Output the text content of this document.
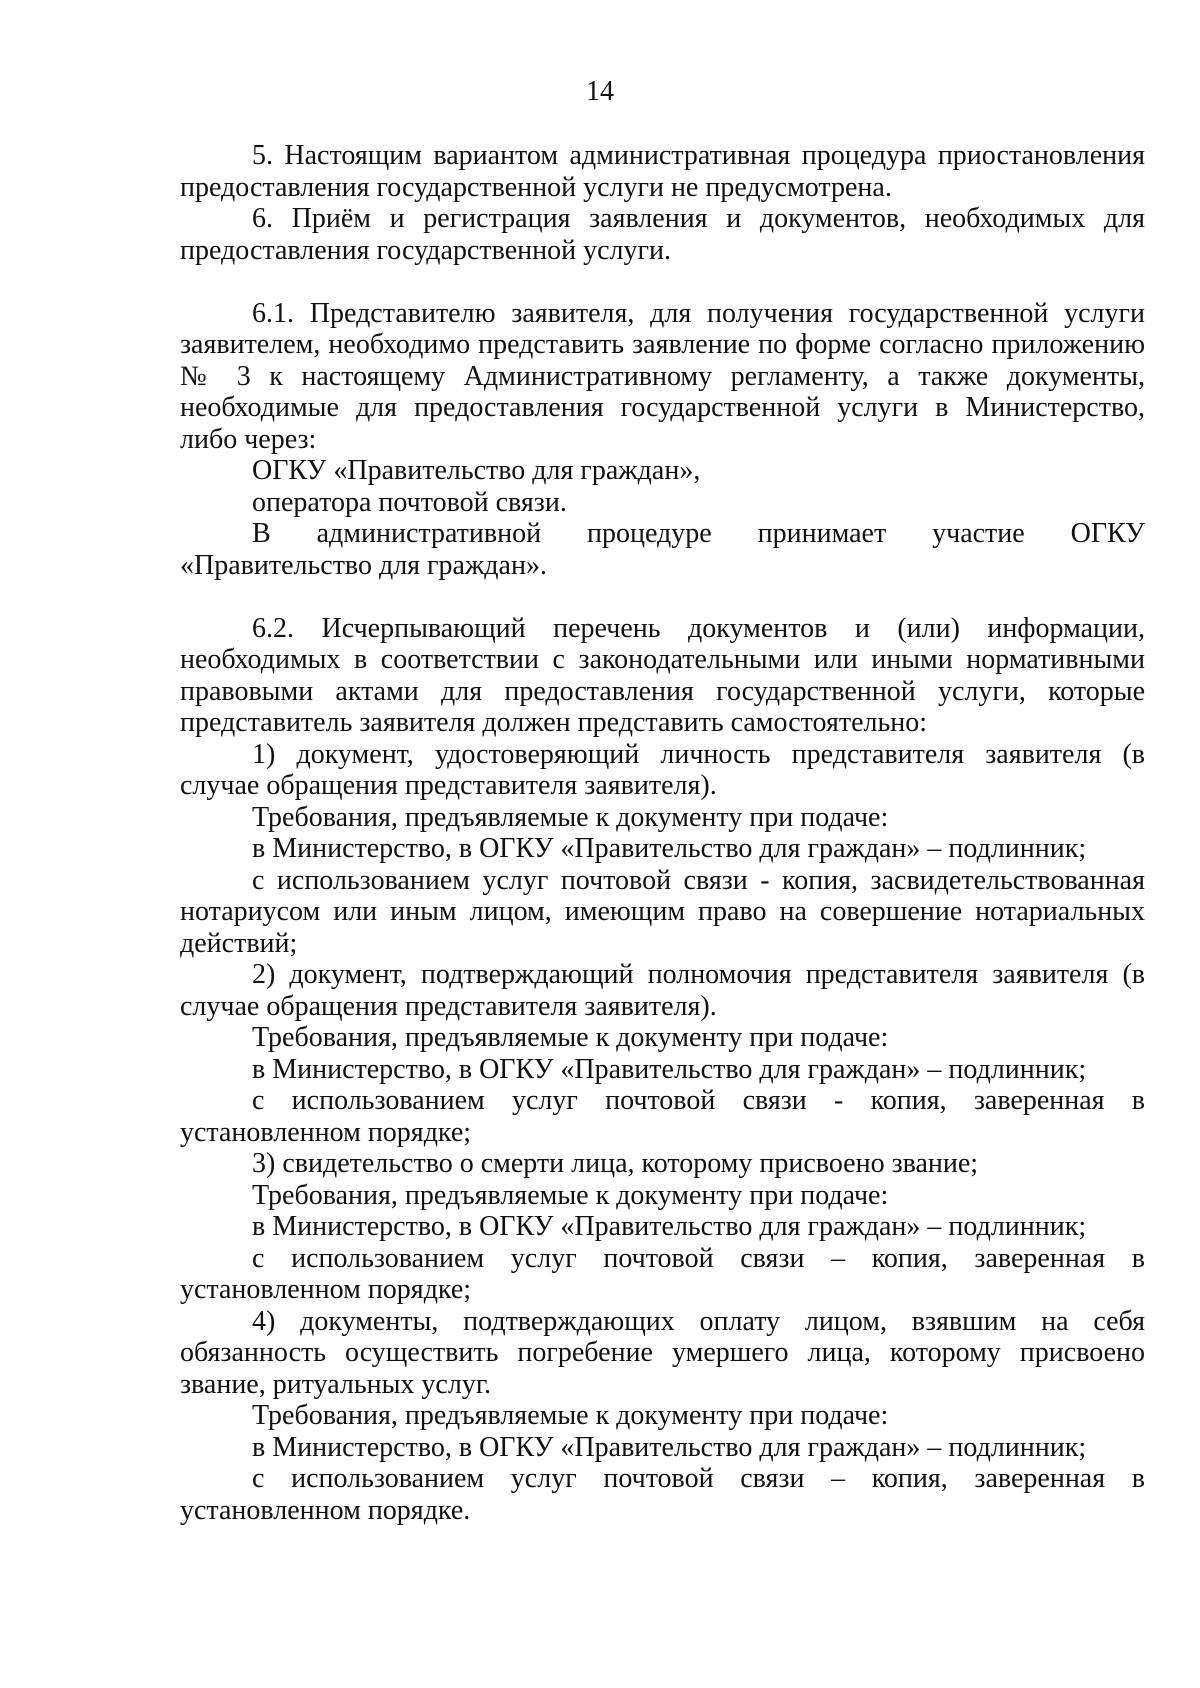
14

5. Настоящим вариантом административная процедура приостановления предоставления государственной услуги не предусмотрена.

6. Приём и регистрация заявления и документов, необходимых для предоставления государственной услуги.

6.1. Представителю заявителя, для получения государственной услуги заявителем, необходимо представить заявление по форме согласно приложению № 3 к настоящему Административному регламенту, а также документы, необходимые для предоставления государственной услуги в Министерство, либо через:

ОГКУ «Правительство для граждан»,

оператора почтовой связи.

В административной процедуре принимает участие ОГКУ «Правительство для граждан».

6.2. Исчерпывающий перечень документов и (или) информации, необходимых в соответствии с законодательными или иными нормативными правовыми актами для предоставления государственной услуги, которые представитель заявителя должен представить самостоятельно:

1) документ, удостоверяющий личность представителя заявителя (в случае обращения представителя заявителя).

Требования, предъявляемые к документу при подаче:

в Министерство, в ОГКУ «Правительство для граждан» – подлинник;

с использованием услуг почтовой связи - копия, засвидетельствованная нотариусом или иным лицом, имеющим право на совершение нотариальных действий;

2) документ, подтверждающий полномочия представителя заявителя (в случае обращения представителя заявителя).

Требования, предъявляемые к документу при подаче:

в Министерство, в ОГКУ «Правительство для граждан» – подлинник;

с использованием услуг почтовой связи - копия, заверенная в установленном порядке;

3) свидетельство о смерти лица, которому присвоено звание;

Требования, предъявляемые к документу при подаче:

в Министерство, в ОГКУ «Правительство для граждан» – подлинник;

с использованием услуг почтовой связи – копия, заверенная в установленном порядке;

4) документы, подтверждающих оплату лицом, взявшим на себя обязанность осуществить погребение умершего лица, которому присвоено звание, ритуальных услуг.

Требования, предъявляемые к документу при подаче:

в Министерство, в ОГКУ «Правительство для граждан» – подлинник;

с использованием услуг почтовой связи – копия, заверенная в установленном порядке.
